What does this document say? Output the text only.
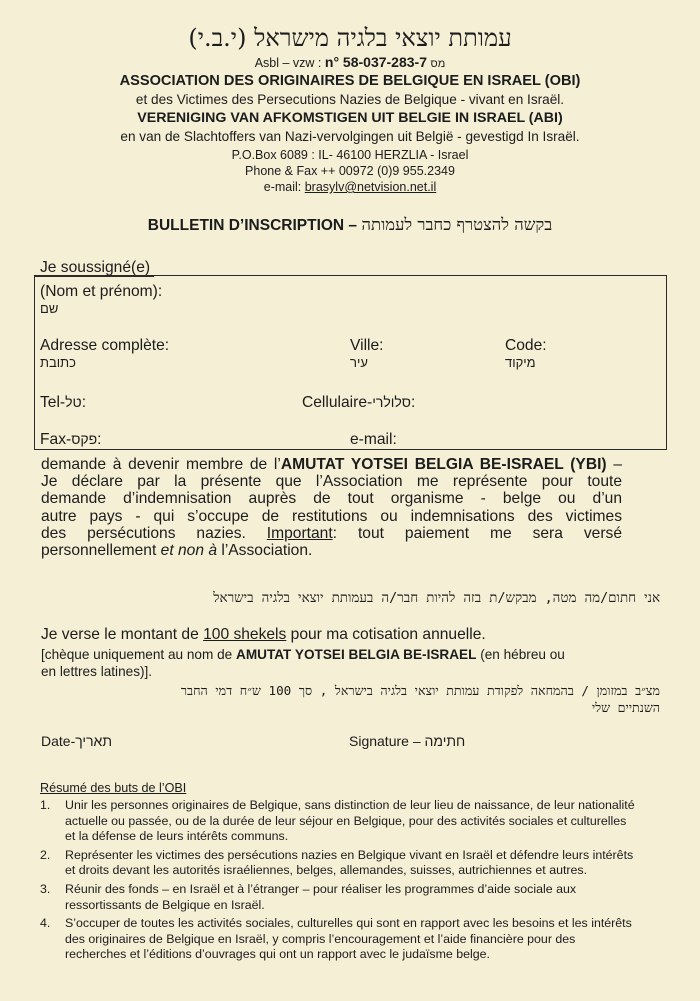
עמותת יוצאי בלגיה מישראל (י.ב.י)
Asbl – vzw : n° 58-037-283-7 מס
ASSOCIATION DES ORIGINAIRES DE BELGIQUE EN ISRAEL (OBI)
et des Victimes des Persecutions Nazies de Belgique - vivant en Israël.
VERENIGING VAN AFKOMSTIGEN UIT BELGIE IN ISRAEL (ABI)
en van de Slachtoffers van Nazi-vervolgingen uit België - gevestigd In Israël.
P.O.Box 6089 : IL- 46100 HERZLIA - Israel
Phone & Fax ++ 00972 (0)9 955.2349
e-mail: brasylv@netvision.net.il
BULLETIN D’INSCRIPTION – בקשה להצטרף כחבר לעמותה
Je soussigné(e)
(Nom et prénom):
שם
Adresse complète:
כתובת
Ville:
עיר
Code:
מיקוד
Tel-טל:	Cellulaire-סלולרי:
Fax-פקס:	e-mail:
demande à devenir membre de l’AMUTAT YOTSEI BELGIA BE-ISRAEL (YBI) –
Je déclare par la présente que l’Association me représente pour toute
demande d’indemnisation auprès de tout organisme - belge ou d’un
autre pays - qui s’occupe de restitutions ou indemnisations des victimes
des persécutions nazies. Important: tout paiement me sera versé
personnellement et non à l’Association.
אני חתום/מה מטה, מבקש/ת בזה להיות חבר/ה בעמותת יוצאי בלגיה בישראל
Je verse le montant de 100 shekels pour ma cotisation annuelle.
[chèque uniquement au nom de AMUTAT YOTSEI BELGIA BE-ISRAEL (en hébreu ou
en lettres latines)].
מצ״ב במזומן / בהמחאה לפקודת עמותת יוצאי בלגיה בישראל , סך 100 ש״ח דמי החבר
השנתיים שלי
Date-תאריך	Signature – חתימה
Résumé des buts de l’OBI
1. Unir les personnes originaires de Belgique, sans distinction de leur lieu de naissance, de leur nationalité actuelle ou passée, ou de la durée de leur séjour en Belgique, pour des activités sociales et culturelles et la défense de leurs intérêts communs.
2. Représenter les victimes des persécutions nazies en Belgique vivant en Israël et défendre leurs intérêts et droits devant les autorités israéliennes, belges, allemandes, suisses, autrichiennes et autres.
3. Réunir des fonds – en Israël et à l’étranger – pour réaliser les programmes d’aide sociale aux ressortissants de Belgique en Israël.
4. S’occuper de toutes les activités sociales, culturelles qui sont en rapport avec les besoins et les intérêts des originaires de Belgique en Israël, y compris l’encouragement et l’aide financière pour des recherches et l’éditions d’ouvrages qui ont un rapport avec le judaïsme belge.
